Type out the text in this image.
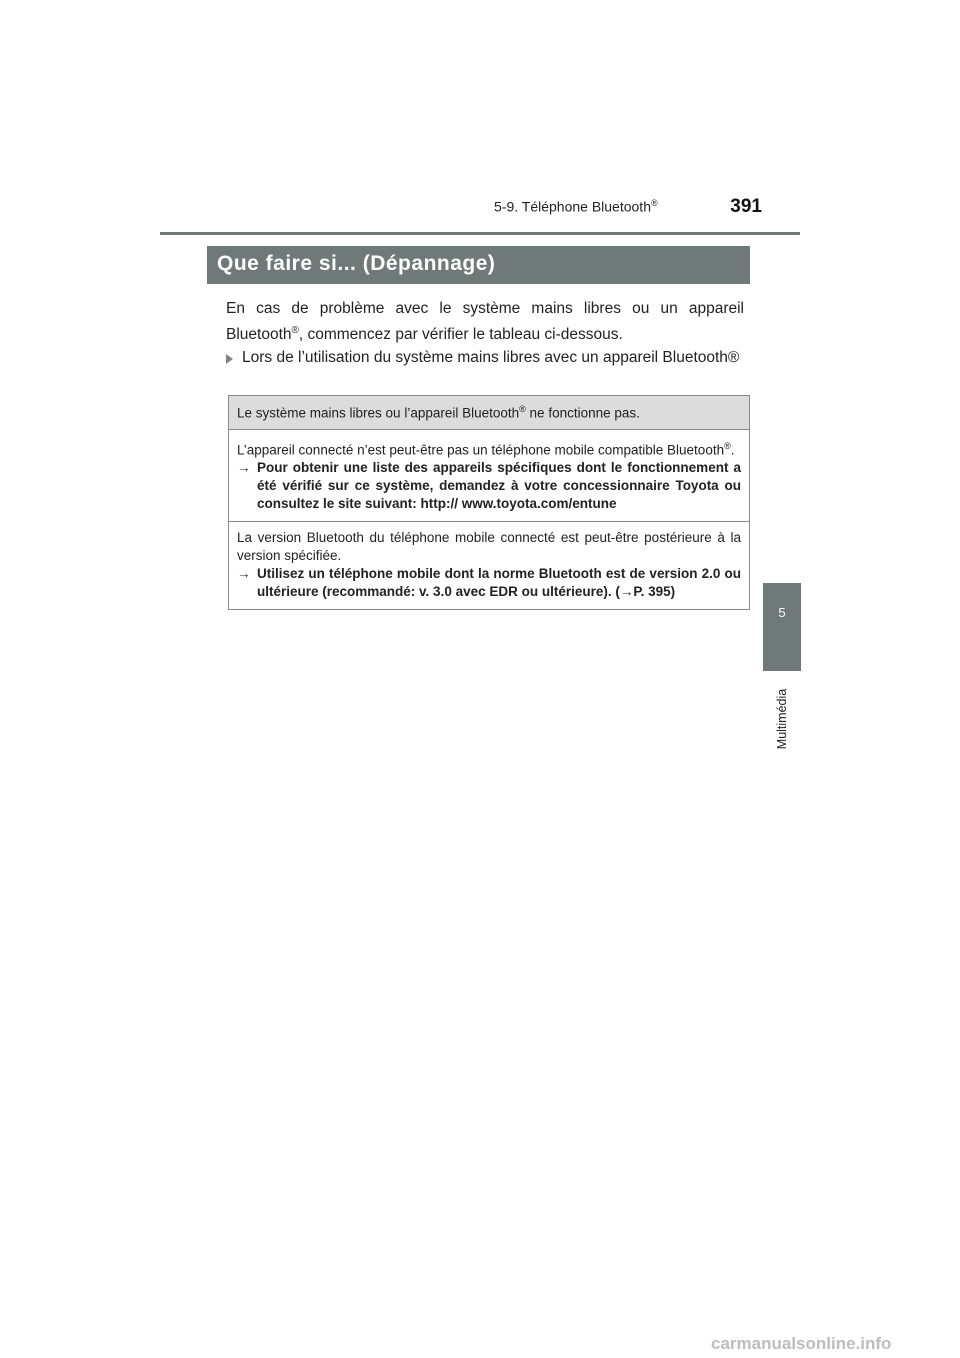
5-9. Téléphone Bluetooth®	391
Que faire si... (Dépannage)

En cas de problème avec le système mains libres ou un appareil Bluetooth®, commencez par vérifier le tableau ci-dessous.

Lors de l’utilisation du système mains libres avec un appareil Bluetooth®
Le système mains libres ou l’appareil Bluetooth® ne fonctionne pas.
L’appareil connecté n’est peut-être pas un téléphone mobile compatible Bluetooth®.
→ Pour obtenir une liste des appareils spécifiques dont le fonctionnement a été vérifié sur ce système, demandez à votre concessionnaire Toyota ou consultez le site suivant: http:// www.toyota.com/entune
La version Bluetooth du téléphone mobile connecté est peut-être postérieure à la version spécifiée.
→ Utilisez un téléphone mobile dont la norme Bluetooth est de version 2.0 ou ultérieure (recommandé: v. 3.0 avec EDR ou ultérieure). (→P. 395)
5
Multimédia
carmanualsonline.info
